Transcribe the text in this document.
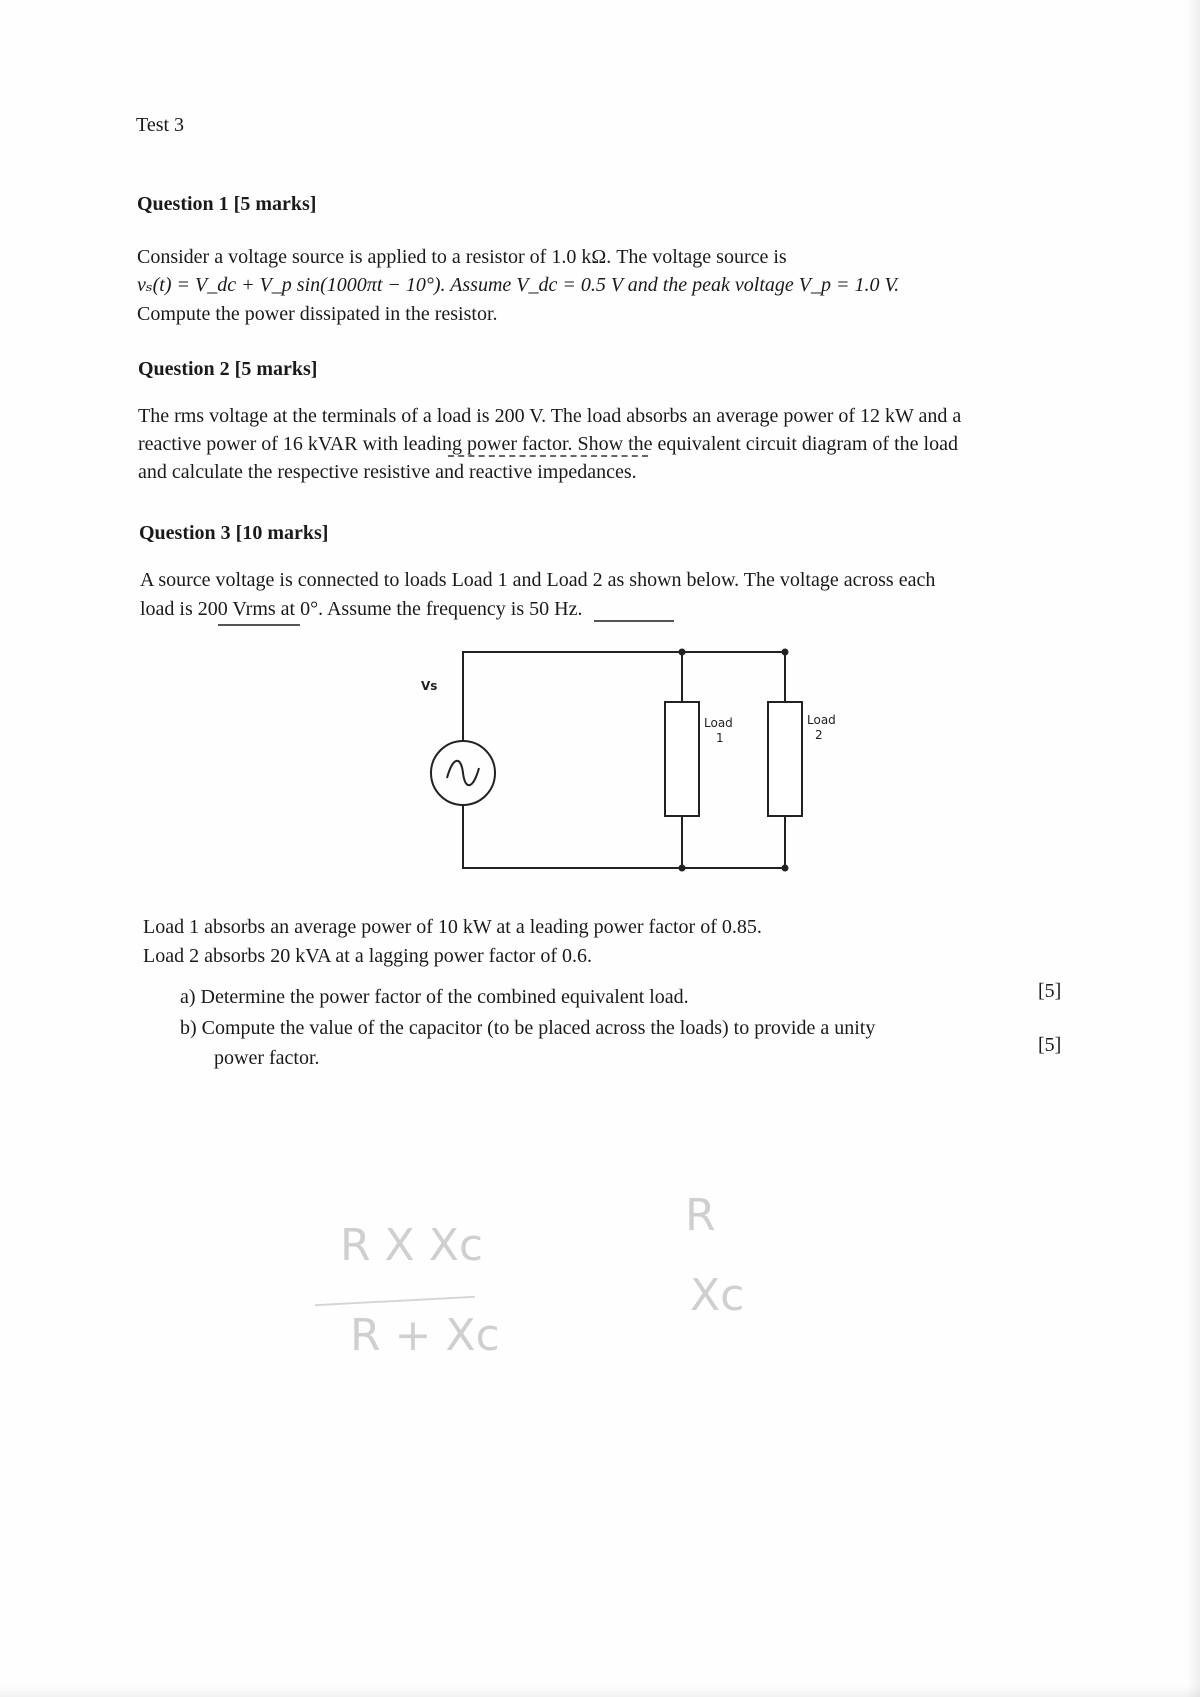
Test 3
Question 1 [5 marks]
Consider a voltage source is applied to a resistor of 1.0 kΩ. The voltage source is
vₛ(t) = V_dc + V_p sin(1000πt − 10°). Assume V_dc = 0.5 V and the peak voltage V_p = 1.0 V.
Compute the power dissipated in the resistor.
Question 2 [5 marks]
The rms voltage at the terminals of a load is 200 V. The load absorbs an average power of 12 kW and a
reactive power of 16 kVAR with leading power factor. Show the equivalent circuit diagram of the load
and calculate the respective resistive and reactive impedances.
Question 3 [10 marks]
A source voltage is connected to loads Load 1 and Load 2 as shown below. The voltage across each
load is 200 Vrms at 0°. Assume the frequency is 50 Hz.
Vs
Load
1
Load
2
Load 1 absorbs an average power of 10 kW at a leading power factor of 0.85.
Load 2 absorbs 20 kVA at a lagging power factor of 0.6.
a) Determine the power factor of the combined equivalent load.
b) Compute the value of the capacitor (to be placed across the loads) to provide a unity
power factor.
[5]
[5]
R X Xc
R + Xc
R
Xc
